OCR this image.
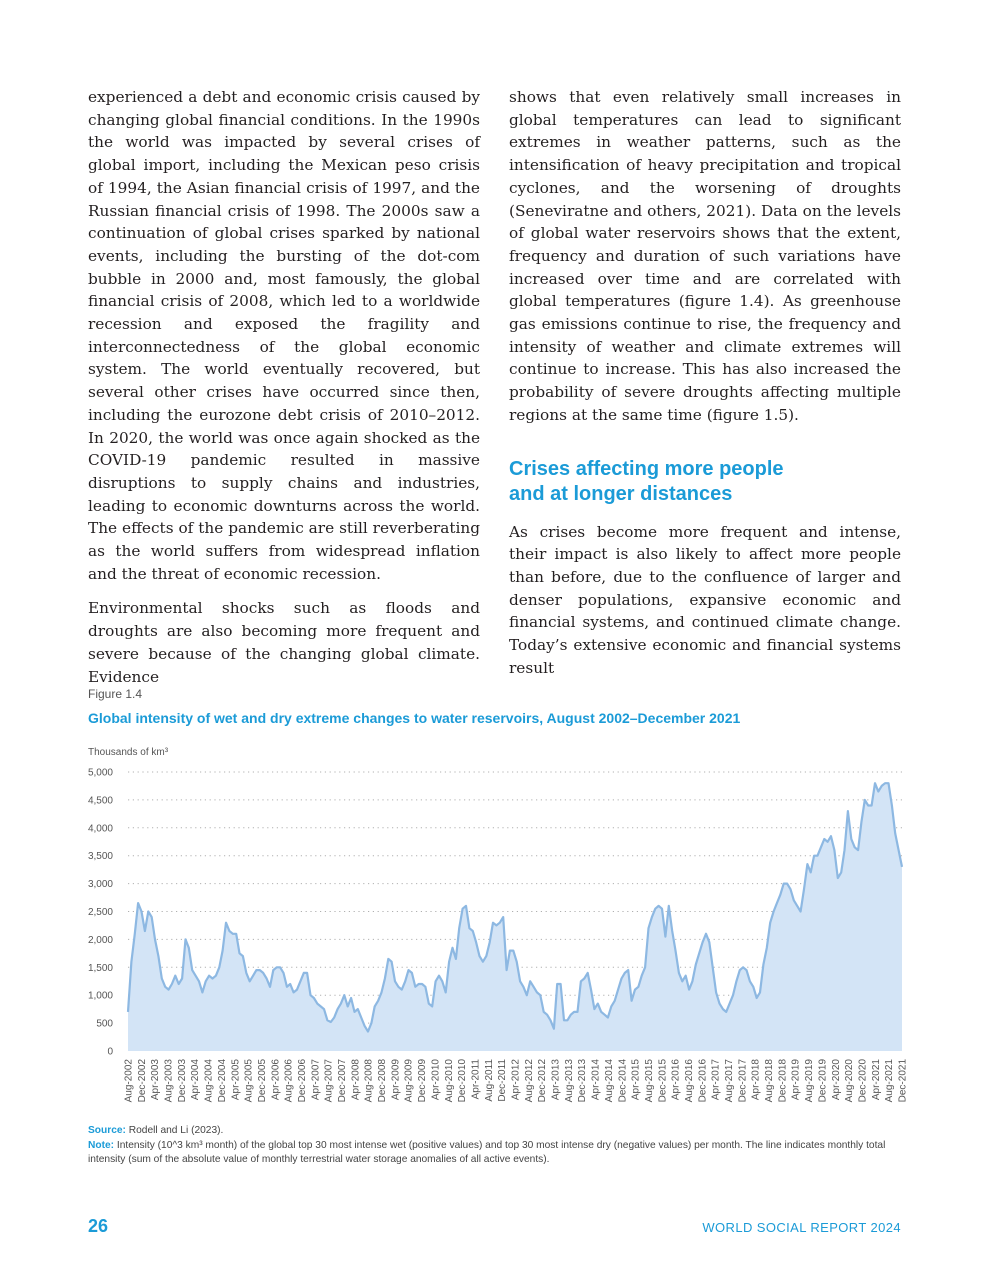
experienced a debt and economic crisis caused by changing global financial conditions. In the 1990s the world was impacted by several crises of global import, including the Mexican peso crisis of 1994, the Asian financial crisis of 1997, and the Russian financial crisis of 1998. The 2000s saw a continuation of global crises sparked by national events, including the bursting of the dot-com bubble in 2000 and, most famously, the global financial crisis of 2008, which led to a worldwide recession and exposed the fragility and interconnectedness of the global economic system. The world eventually recovered, but several other crises have occurred since then, including the eurozone debt crisis of 2010–2012. In 2020, the world was once again shocked as the COVID-19 pandemic resulted in massive disruptions to supply chains and industries, leading to economic downturns across the world. The effects of the pandemic are still reverberating as the world suffers from widespread inflation and the threat of economic recession.

Environmental shocks such as floods and droughts are also becoming more frequent and severe because of the changing global climate. Evidence

shows that even relatively small increases in global temperatures can lead to significant extremes in weather patterns, such as the intensification of heavy precipitation and tropical cyclones, and the worsening of droughts (Seneviratne and others, 2021). Data on the levels of global water reservoirs shows that the extent, frequency and duration of such variations have increased over time and are correlated with global temperatures (figure 1.4). As greenhouse gas emissions continue to rise, the frequency and intensity of weather and climate extremes will continue to increase. This has also increased the probability of severe droughts affecting multiple regions at the same time (figure 1.5).

Crises affecting more people
and at longer distances

As crises become more frequent and intense, their impact is also likely to affect more people than before, due to the confluence of larger and denser populations, expansive economic and financial systems, and continued climate change. Today’s extensive economic and financial systems result

Figure 1.4
Global intensity of wet and dry extreme changes to water reservoirs, August 2002–December 2021
Thousands of km³
0
500
1,000
1,500
2,000
2,500
3,000
3,500
4,000
4,500
5,000
Aug-2002 Dec-2002 Apr-2003 Aug-2003 Dec-2003 Apr-2004 Aug-2004 Dec-2004 Apr-2005 Aug-2005 Dec-2005 Apr-2006 Aug-2006 Dec-2006 Apr-2007 Aug-2007 Dec-2007 Apr-2008 Aug-2008 Dec-2008 Apr-2009 Aug-2009 Dec-2009 Apr-2010 Aug-2010 Dec-2010 Apr-2011 Aug-2011 Dec-2011 Apr-2012 Aug-2012 Dec-2012 Apr-2013 Aug-2013 Dec-2013 Apr-2014 Aug-2014 Dec-2014 Apr-2015 Aug-2015 Dec-2015 Apr-2016 Aug-2016 Dec-2016 Apr-2017 Aug-2017 Dec-2017 Apr-2018 Aug-2018 Dec-2018 Apr-2019 Aug-2019 Dec-2019 Apr-2020 Aug-2020 Dec-2020 Apr-2021 Aug-2021 Dec-2021
Source: Rodell and Li (2023).
Note: Intensity (10^3 km³ month) of the global top 30 most intense wet (positive values) and top 30 most intense dry (negative values) per month. The line indicates monthly total intensity (sum of the absolute value of monthly terrestrial water storage anomalies of all active events).
26	WORLD SOCIAL REPORT 2024
